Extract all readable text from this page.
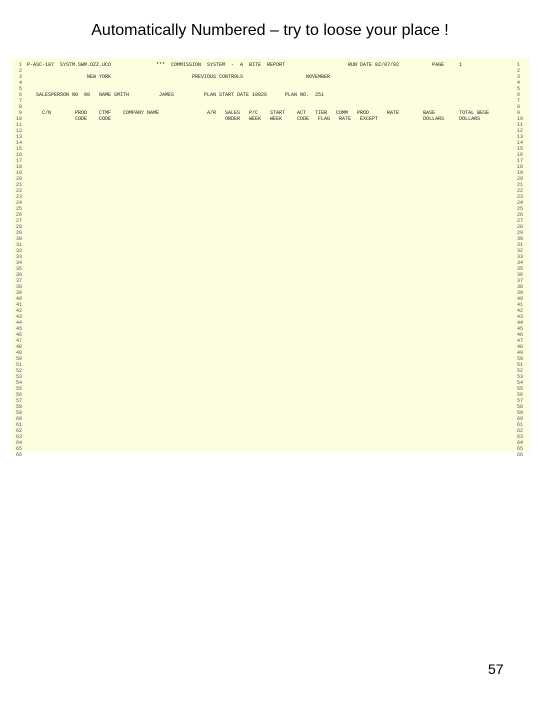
Automatically Numbered – try to loose your place !
1 P-ASC-107  SYSTM.SWM.OZZ.UCO               ***  COMMISSION  SYSTEM  -  A  BITE  REPORT                     RUN DATE 02/07/92           PAGE     1	1
2	2
3 NEW YORK                           PREVIOUS CONTROLS                     NOVEMBER	3
4	4
5	5
6 SALESPERSON NO  90   NAME SMITH          JAMES          PLAN START DATE 10026      PLAN NO.  251	6
7	7
8	8
9 C/N        PROD    CTMF    COMPANY NAME                A/R   SALES   P/C    START    ACT   TIER   COMM   PROD      RATE        BASE        TOTAL BESE	9
10 CODE    CODE                                      ORDER   WEEK   WEEK     CODE   FLAG   RATE   EXCEPT               DOLLARS     DOLLARS	10
11	11
12	12
13	13
14	14
15	15
16	16
17	17
18	18
19	19
20	20
21	21
22	22
23	23
24	24
25	25
26	26
27	27
28	28
29	29
30	30
31	31
32	32
33	33
34	34
35	35
36	36
37	37
38	38
39	39
40	40
41	41
42	42
43	43
44	44
45	45
46	46
47	47
48	48
49	49
50	50
51	51
52	52
53	53
54	54
55	55
56	56
57	57
58	58
59	59
60	60
61	61
62	62
63	63
64	64
65	65
66	66
57
